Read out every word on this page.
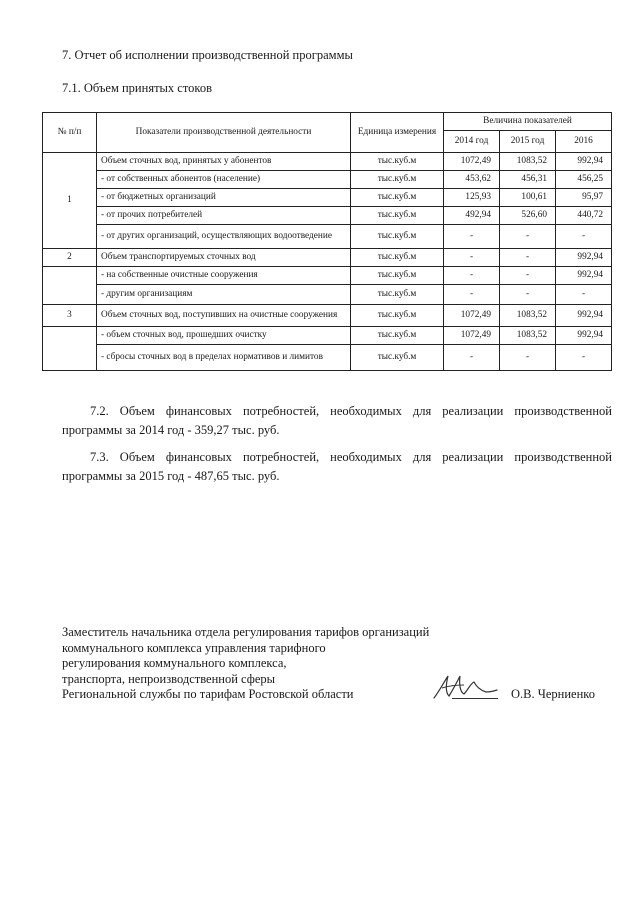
7. Отчет об исполнении производственной программы
7.1. Объем принятых стоков
№ п/п	Показатели производственной деятельности	Единица измерения	Величина показателей		
			2014 год	2015 год	2016
1	Объем сточных вод, принятых у абонентов	тыс.куб.м	1072,49	1083,52	992,94
	- от собственных абонентов (население)	тыс.куб.м	453,62	456,31	456,25
	- от бюджетных организаций	тыс.куб.м	125,93	100,61	95,97
	- от прочих потребителей	тыс.куб.м	492,94	526,60	440,72
	- от других организаций, осуществляющих водоотведение	тыс.куб.м	-	-	-
2	Объем транспортируемых сточных вод	тыс.куб.м	-	-	992,94
	- на собственные очистные сооружения	тыс.куб.м	-	-	992,94
	- другим организациям	тыс.куб.м	-	-	-
3	Объем сточных вод, поступивших на очистные сооружения	тыс.куб.м	1072,49	1083,52	992,94
	- объем сточных вод, прошедших очистку	тыс.куб.м	1072,49	1083,52	992,94
	- сбросы сточных вод в пределах нормативов и лимитов	тыс.куб.м	-	-	-

7.2. Объем финансовых потребностей, необходимых для реализации производственной программы за 2014 год - 359,27 тыс. руб.

7.3. Объем финансовых потребностей, необходимых для реализации производственной программы за 2015 год - 487,65 тыс. руб.

Заместитель начальника отдела регулирования тарифов организаций
коммунального комплекса управления тарифного
регулирования коммунального комплекса,
транспорта, непроизводственной сферы
Региональной службы по тарифам Ростовской области	О.В. Черниенко
